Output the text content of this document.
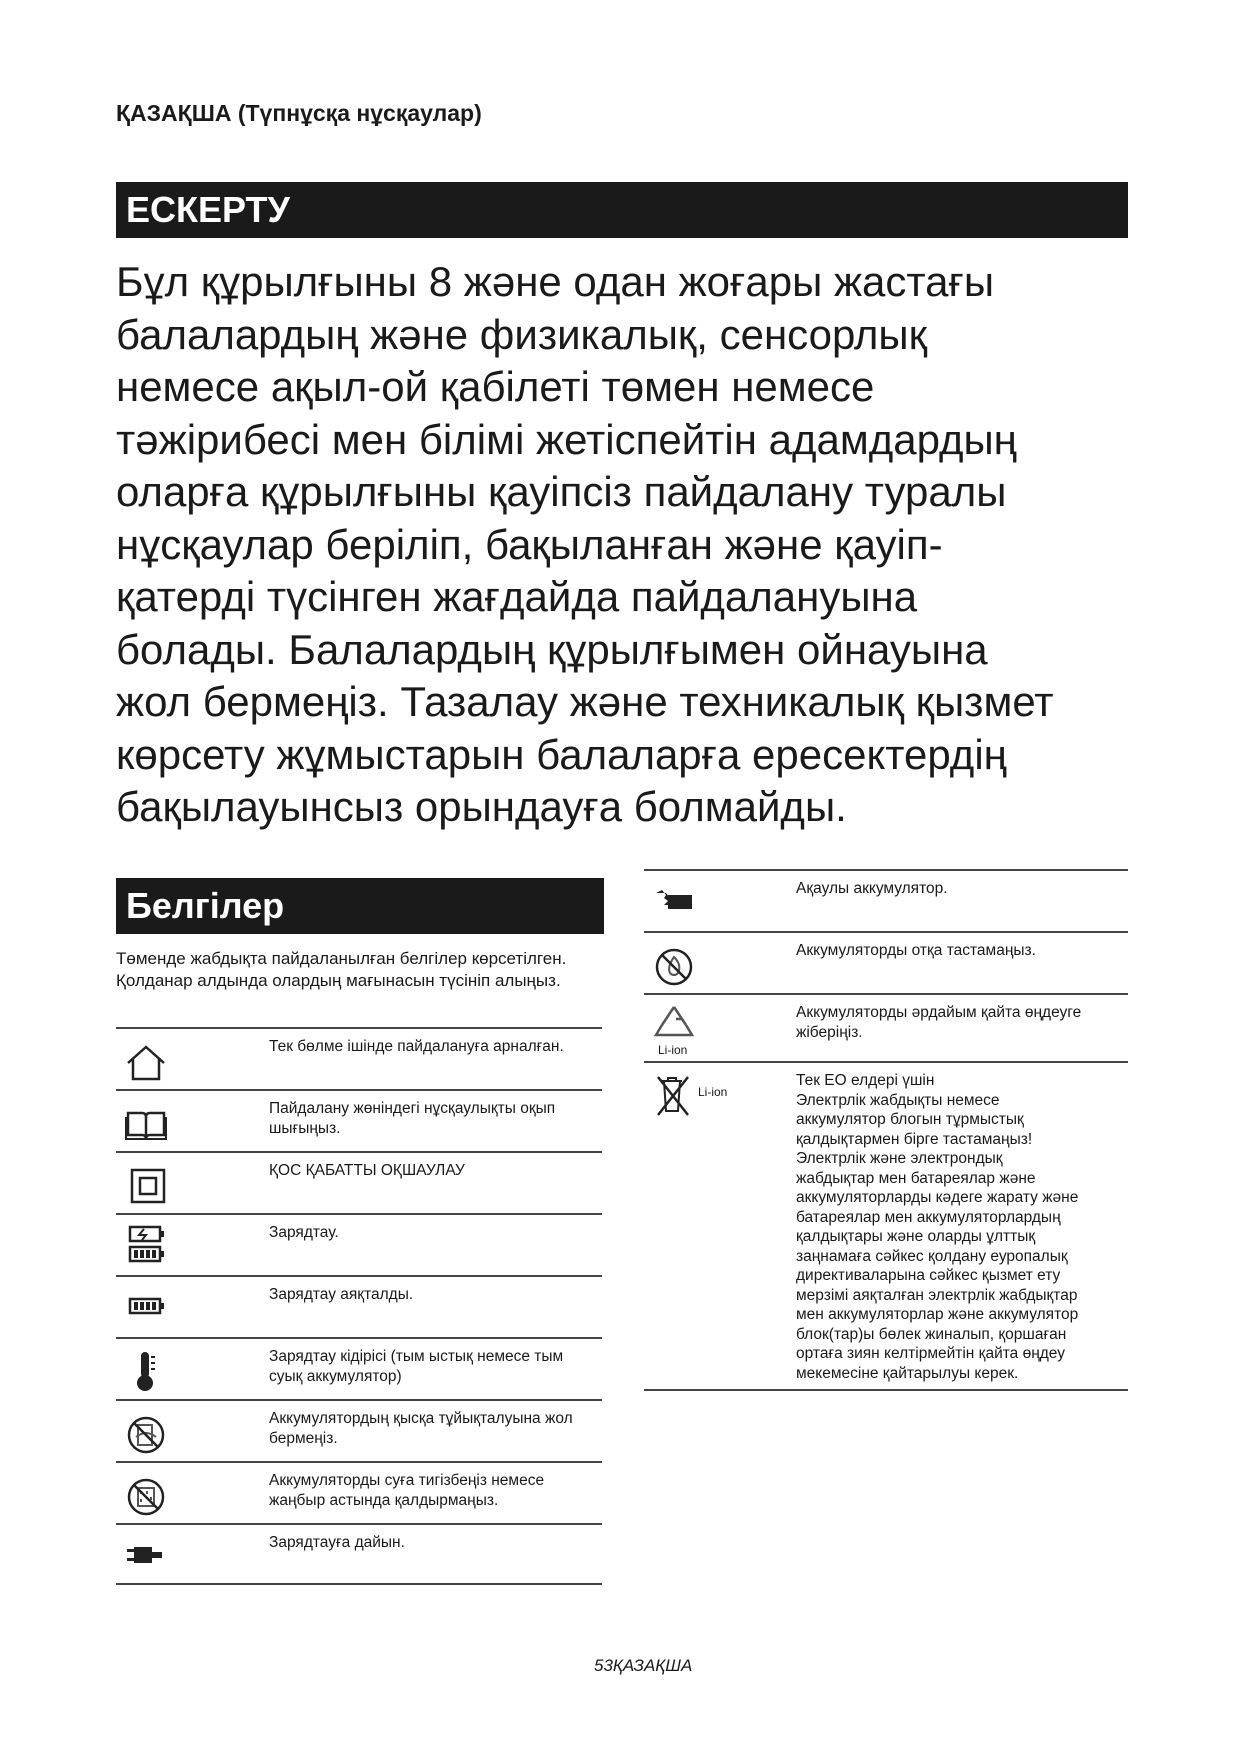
ҚАЗАҚША (Түпнұсқа нұсқаулар)
ЕСКЕРТУ
Бұл құрылғыны 8 және одан жоғары жастағы
балалардың және физикалық, сенсорлық
немесе ақыл-ой қабілеті төмен немесе
тәжірибесі мен білімі жетіспейтін адамдардың
оларға құрылғыны қауіпсіз пайдалану туралы
нұсқаулар беріліп, бақыланған және қауіп-
қатерді түсінген жағдайда пайдалануына
болады. Балалардың құрылғымен ойнауына
жол бермеңіз. Тазалау және техникалық қызмет
көрсету жұмыстарын балаларға ересектердің
бақылауынсыз орындауға болмайды.
Белгілер
Төменде жабдықта пайдаланылған белгілер көрсетілген. Қолданар алдында олардың мағынасын түсініп алыңыз.
Тек бөлме ішінде пайдалануға арналған.
Пайдалану жөніндегі нұсқаулықты оқып шығыңыз.
ҚОС ҚАБАТТЫ ОҚШАУЛАУ
Зарядтау.
Зарядтау аяқталды.
Зарядтау кідірісі (тым ыстық немесе тым суық аккумулятор)
Аккумулятордың қысқа тұйықталуына жол бермеңіз.
Аккумуляторды суға тигізбеңіз немесе жаңбыр астында қалдырмаңыз.
Зарядтауға дайын.
Ақаулы аккумулятор.
Аккумуляторды отқа тастамаңыз.
Li-ion
Аккумуляторды әрдайым қайта өңдеуге жіберіңіз.
Li-ion
Тек ЕО елдері үшін
Электрлік жабдықты немесе
аккумулятор блогын тұрмыстық
қалдықтармен бірге тастамаңыз!
Электрлік және электрондық
жабдықтар мен батареялар және
аккумуляторларды кәдеге жарату және
батареялар мен аккумуляторлардың
қалдықтары және оларды ұлттық
заңнамаға сәйкес қолдану еуропалық
директиваларына сәйкес қызмет ету
мерзімі аяқталған электрлік жабдықтар
мен аккумуляторлар және аккумулятор
блок(тар)ы бөлек жиналып, қоршаған
ортаға зиян келтірмейтін қайта өңдеу
мекемесіне қайтарылуы керек.
53ҚАЗАҚША
